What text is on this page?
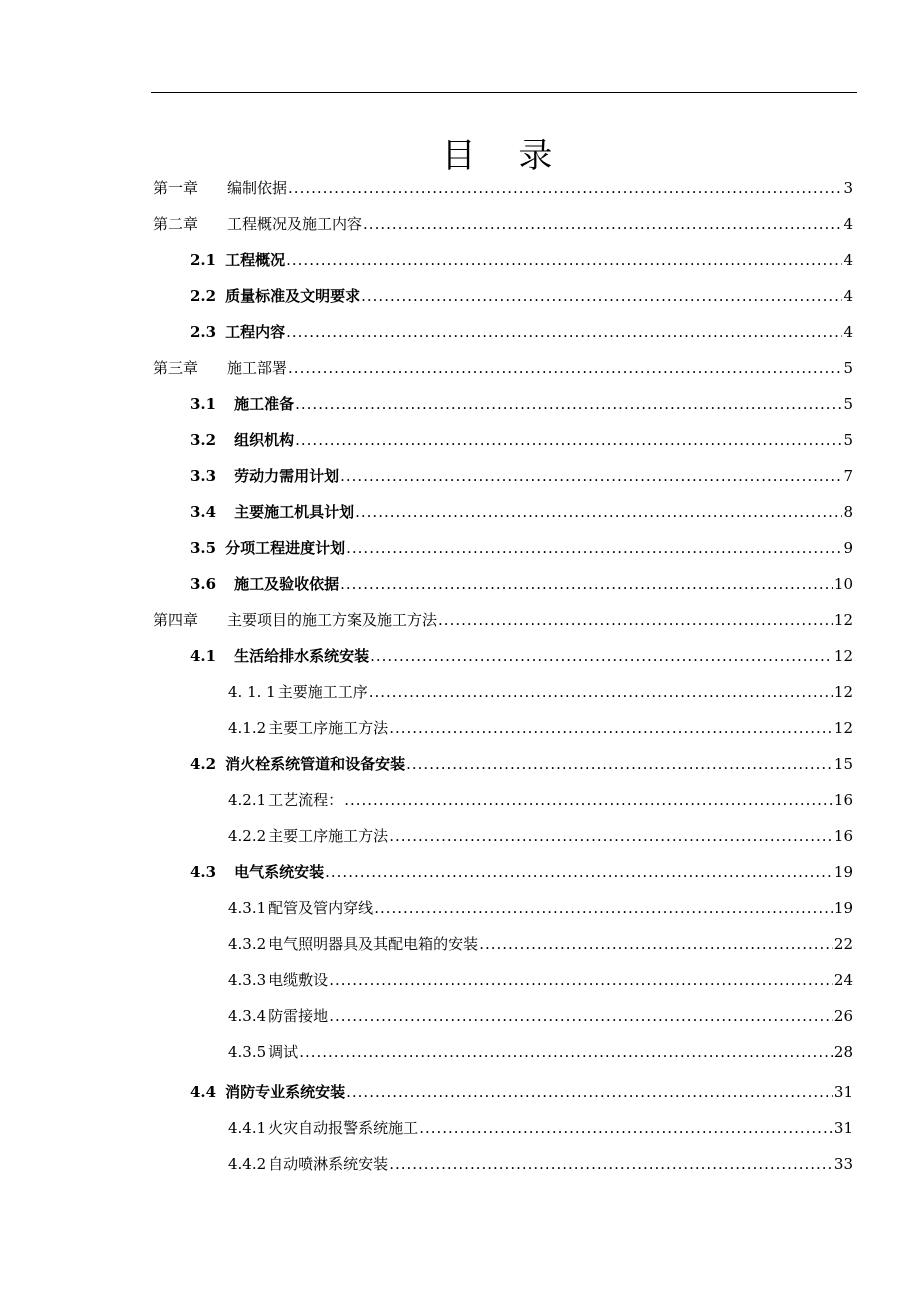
目 录
第一章	编制依据 .....	3
第二章	工程概况及施工内容 .....	4
2.1 工程概况 .....	4
2.2 质量标准及文明要求 .....	4
2.3 工程内容 .....	4
第三章	施工部署 .....	5
3.1	施工准备 .....	5
3.2	组织机构 .....	5
3.3	劳动力需用计划 .....	7
3.4	主要施工机具计划 .....	8
3.5 分项工程进度计划 .....	9
3.6	施工及验收依据 .....	10
第四章	主要项目的施工方案及施工方法 .....	12
4.1	生活给排水系统安装 .....	12
4. 1. 1 主要施工工序 .....	12
4.1.2 主要工序施工方法 .....	12
4.2 消火栓系统管道和设备安装 .....	15
4.2.1 工艺流程： .....	16
4.2.2 主要工序施工方法 .....	16
4.3	电气系统安装 .....	19
4.3.1 配管及管内穿线 .....	19
4.3.2 电气照明器具及其配电箱的安装 .....	22
4.3.3 电缆敷设 .....	24
4.3.4 防雷接地 .....	26
4.3.5 调试 .....	28
4.4 消防专业系统安装 .....	31
4.4.1 火灾自动报警系统施工 .....	31
4.4.2 自动喷淋系统安装 .....	33
